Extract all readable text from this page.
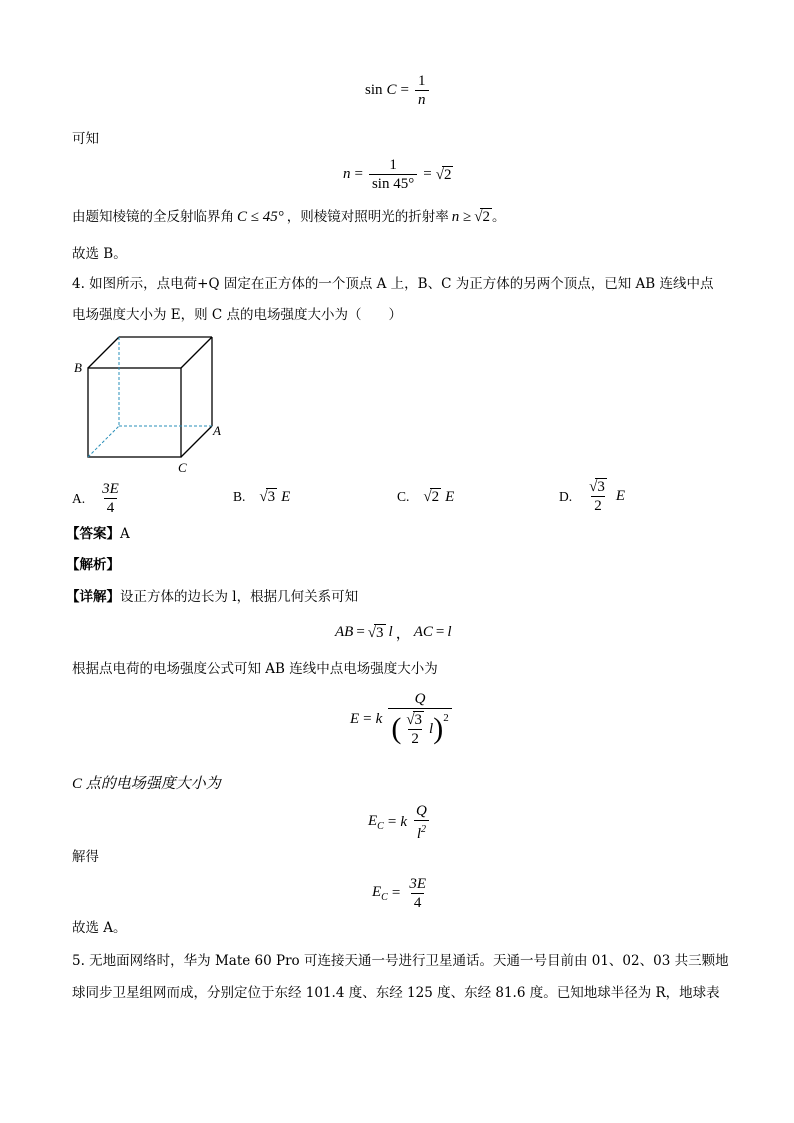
$\sin C = \frac{1}{n}$
可知
$n = \frac{1}{\sin 45^\circ} = √2$
由题知棱镜的全反射临界角 C ≤ 45° ，则棱镜对照明光的折射率 n ≥ √2 。
故选 B。
4. 如图所示，点电荷+Q 固定在正方体的一个顶点 A 上，B、C 为正方体的另两个顶点，已知 AB 连线中点
电场强度大小为 E，则 C 点的电场强度大小为（　　）
B
A
C
A. $\frac{3E}{4}$	B. √3 E	C. √2 E	D. $\frac{√3}{2}$ E
【答案】A
【解析】
【详解】设正方体的边长为 l，根据几何关系可知
AB = √3 l ， AC = l
根据点电荷的电场强度公式可知 AB 连线中点电场强度大小为
E = k $\frac{Q}{( \frac{√3}{2} l )^2}$
C 点的电场强度大小为
$E_C = k \frac{Q}{l^2}$
解得
$E_C = \frac{3E}{4}$
故选 A。
5. 无地面网络时，华为 Mate 60 Pro 可连接天通一号进行卫星通话。天通一号目前由 01、02、03 共三颗地
球同步卫星组网而成，分别定位于东经 101.4 度、东经 125 度、东经 81.6 度。已知地球半径为 R，地球表
